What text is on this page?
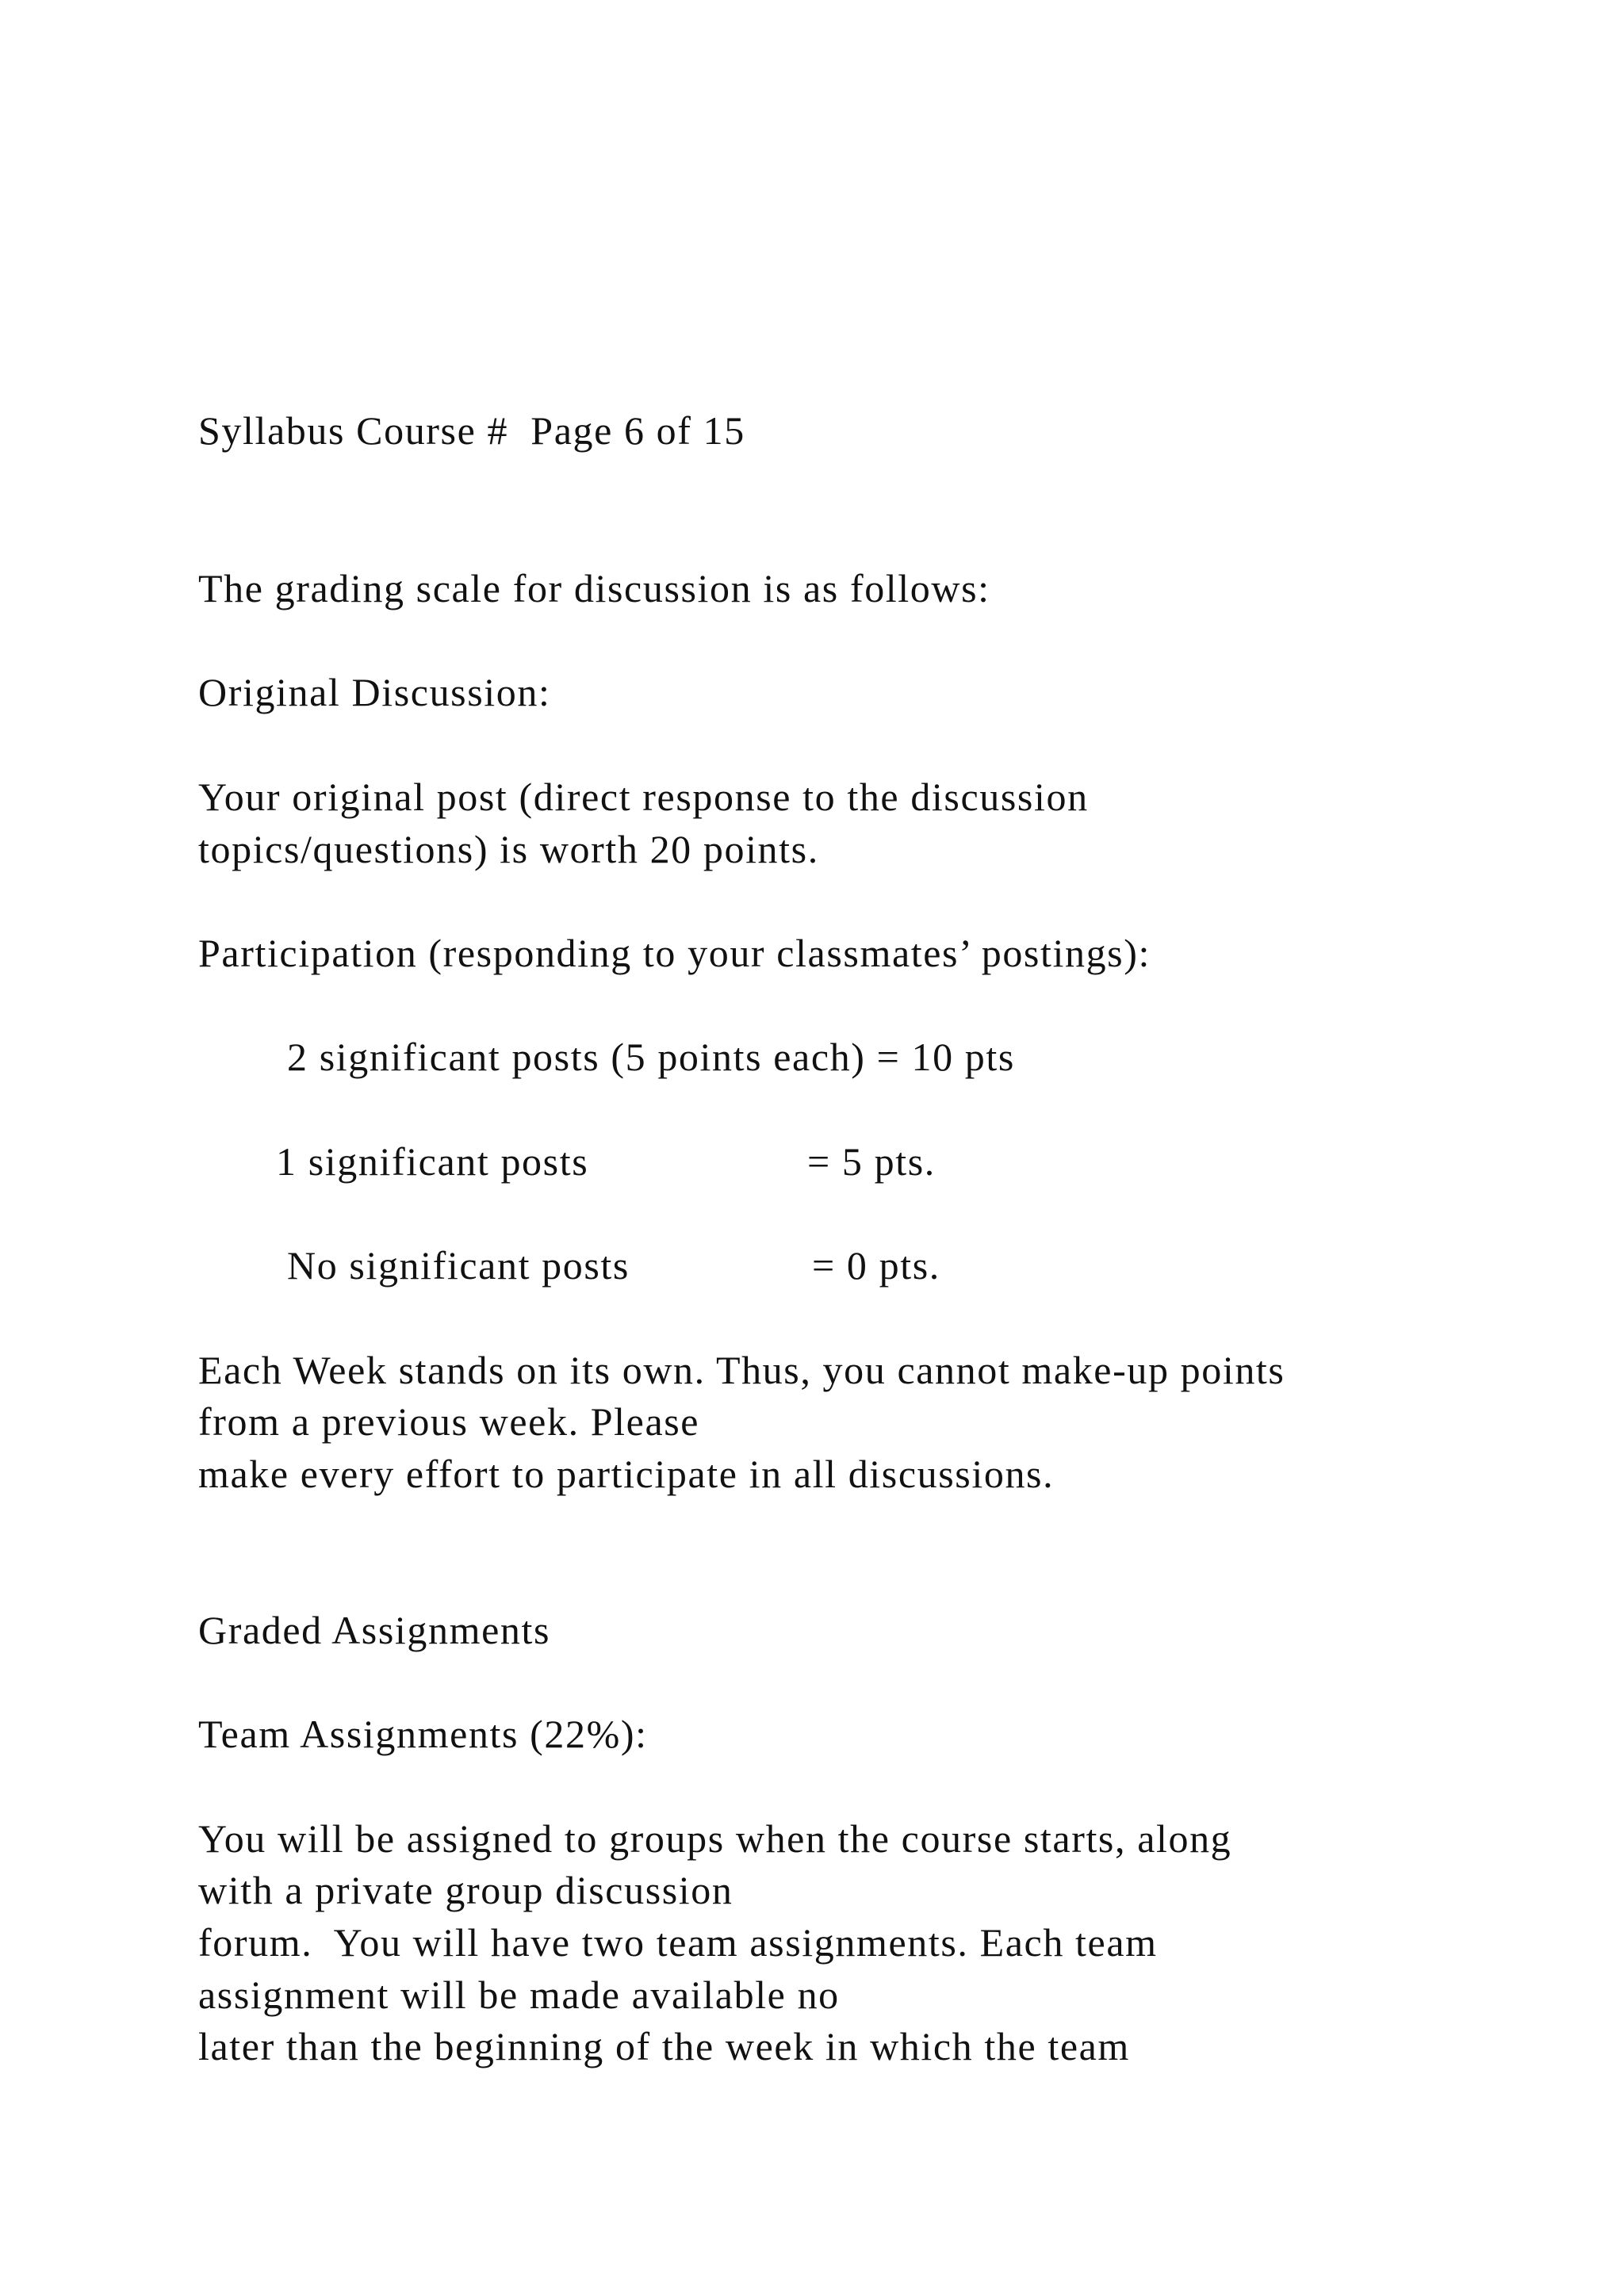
Syllabus Course #  Page 6 of 15
The grading scale for discussion is as follows:
Original Discussion:
Your original post (direct response to the discussion
topics/questions) is worth 20 points.
Participation (responding to your classmates’ postings):
2 significant posts (5 points each) = 10 pts
1 significant posts	= 5 pts.
No significant posts	= 0 pts.
Each Week stands on its own. Thus, you cannot make-up points
from a previous week. Please
make every effort to participate in all discussions.
Graded Assignments
Team Assignments (22%):
You will be assigned to groups when the course starts, along
with a private group discussion
forum.  You will have two team assignments. Each team
assignment will be made available no
later than the beginning of the week in which the team
